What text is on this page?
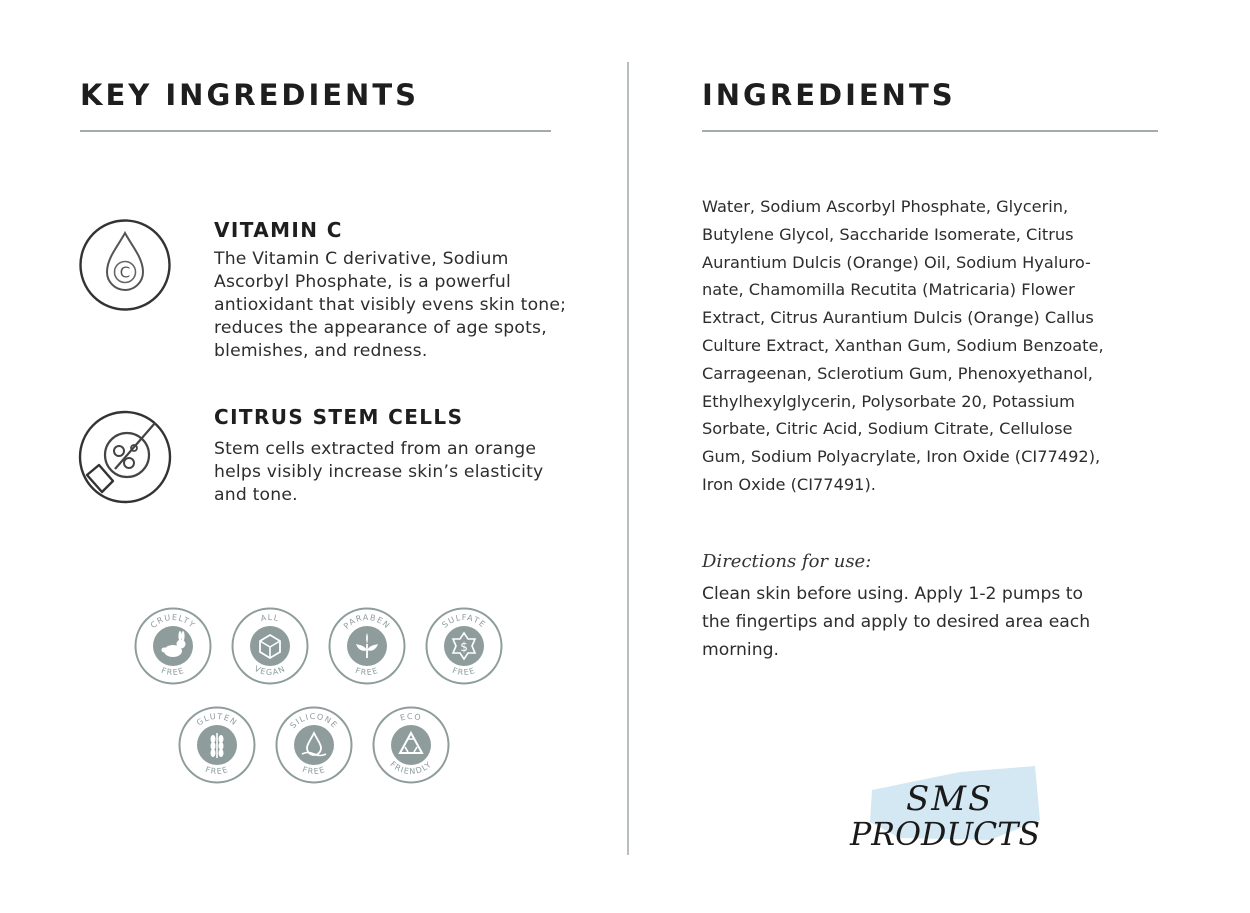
KEY INGREDIENTS
C
VITAMIN C
The Vitamin C derivative, Sodium
Ascorbyl Phosphate, is a powerful
antioxidant that visibly evens skin tone;
reduces the appearance of age spots,
blemishes, and redness.
CITRUS STEM CELLS
Stem cells extracted from an orange
helps visibly increase skin’s elasticity
and tone.
CRUELTY
FREE
ALL
VEGAN
PARABEN
FREE
SULFATE
FREE
$
GLUTEN
FREE
SILICONE
FREE
ECO
FRIENDLY
INGREDIENTS
Water, Sodium Ascorbyl Phosphate, Glycerin,
Butylene Glycol, Saccharide Isomerate, Citrus
Aurantium Dulcis (Orange) Oil, Sodium Hyaluro-
nate, Chamomilla Recutita (Matricaria) Flower
Extract, Citrus Aurantium Dulcis (Orange) Callus
Culture Extract, Xanthan Gum, Sodium Benzoate,
Carrageenan, Sclerotium Gum, Phenoxyethanol,
Ethylhexylglycerin, Polysorbate 20, Potassium
Sorbate, Citric Acid, Sodium Citrate, Cellulose
Gum, Sodium Polyacrylate, Iron Oxide (CI77492),
Iron Oxide (CI77491).
Directions for use:
Clean skin before using. Apply 1-2 pumps to
the fingertips and apply to desired area each
morning.
SMS
PRODUCTS
